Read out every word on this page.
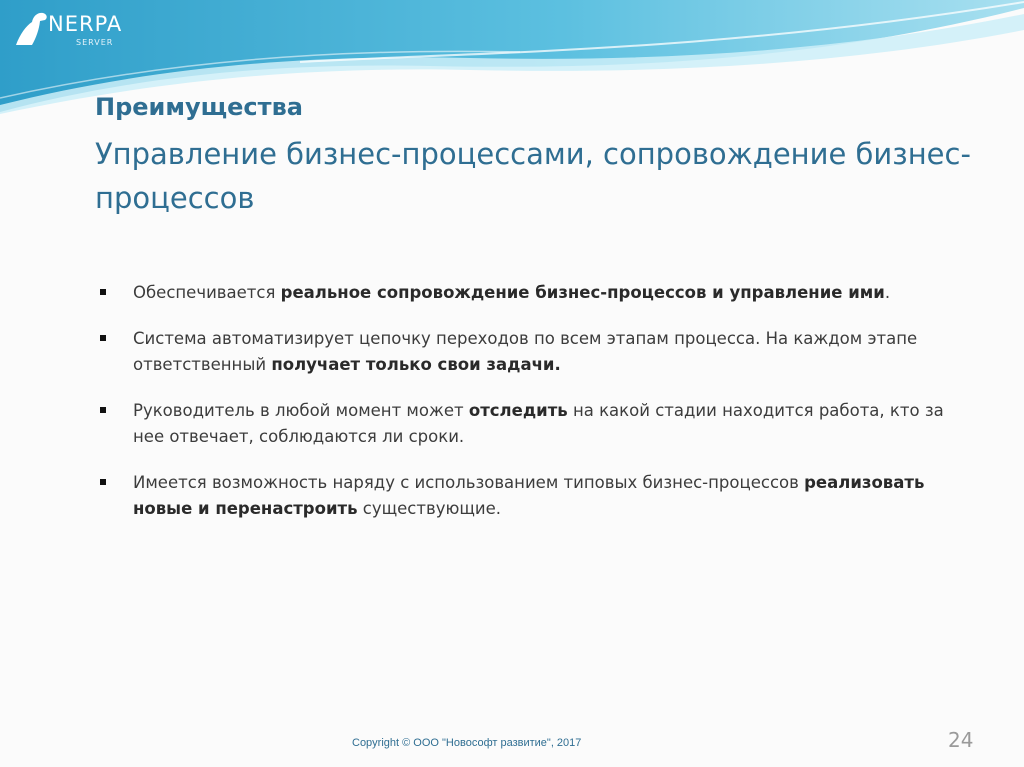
NERPA
SERVER
Преимущества
Управление бизнес-процессами, сопровождение бизнес-процессов
Обеспечивается реальное сопровождение бизнес-процессов и управление ими.
Система автоматизирует цепочку переходов по всем этапам процесса. На каждом этапе ответственный получает только свои задачи.
Руководитель в любой момент может отследить на какой стадии находится работа, кто за нее отвечает, соблюдаются ли сроки.
Имеется возможность наряду с использованием типовых бизнес-процессов реализовать новые и перенастроить существующие.
Copyright © ООО "Новософт развитие", 2017	24
